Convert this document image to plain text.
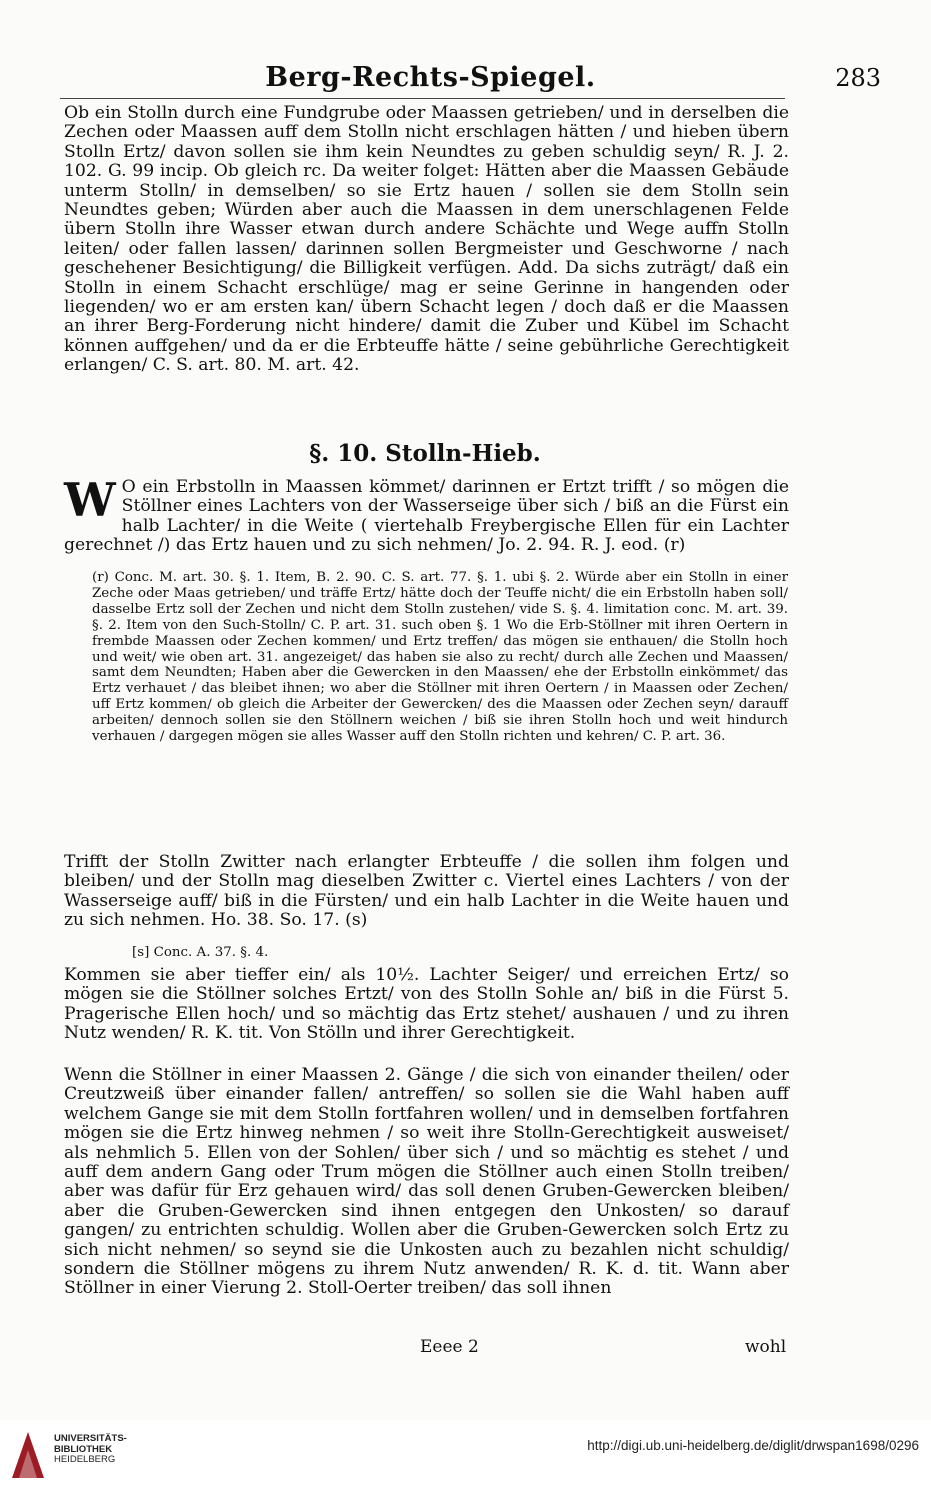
Berg-Rechts-Spiegel.	283
Ob ein Stolln durch eine Fundgrube oder Maassen getrieben/ und in derselben die Zechen oder Maassen auff dem Stolln nicht erschlagen hätten / und hieben übern Stolln Ertz/ davon sollen sie ihm kein Neundtes zu geben schuldig seyn/ R. J. 2. 102. G. 99 incip. Ob gleich rc. Da weiter folget: Hätten aber die Maassen Gebäude unterm Stolln/ in demselben/ so sie Ertz hauen / sollen sie dem Stolln sein Neundtes geben; Würden aber auch die Maassen in dem unerschlagenen Felde übern Stolln ihre Wasser etwan durch andere Schächte und Wege auffn Stolln leiten/ oder fallen lassen/ darinnen sollen Bergmeister und Geschworne / nach geschehener Besichtigung/ die Billigkeit verfügen. Add. Da sichs zuträgt/ daß ein Stolln in einem Schacht erschlüge/ mag er seine Gerinne in hangenden oder liegenden/ wo er am ersten kan/ übern Schacht legen / doch daß er die Maassen an ihrer Berg-Forderung nicht hindere/ damit die Zuber und Kübel im Schacht können auffgehen/ und da er die Erbteuffe hätte / seine gebührliche Gerechtigkeit erlangen/ C. S. art. 80. M. art. 42.
§. 10. Stolln-Hieb.
W O ein Erbstolln in Maassen kömmet/ darinnen er Ertzt trifft / so mögen die Stöllner eines Lachters von der Wasserseige über sich / biß an die Fürst ein halb Lachter/ in die Weite ( viertehalb Freybergische Ellen für ein Lachter gerechnet /) das Ertz hauen und zu sich nehmen/ Jo. 2. 94. R. J. eod. (r)
(r) Conc. M. art. 30. §. 1. Item, B. 2. 90. C. S. art. 77. §. 1. ubi §. 2. Würde aber ein Stolln in einer Zeche oder Maas getrieben/ und träffe Ertz/ hätte doch der Teuffe nicht/ die ein Erbstolln haben soll/ dasselbe Ertz soll der Zechen und nicht dem Stolln zustehen/ vide S. §. 4. limitation conc. M. art. 39. §. 2. Item von den Such-Stolln/ C. P. art. 31. such oben §. 1 Wo die Erb-Stöllner mit ihren Oertern in frembde Maassen oder Zechen kommen/ und Ertz treffen/ das mögen sie enthauen/ die Stolln hoch und weit/ wie oben art. 31. angezeiget/ das haben sie also zu recht/ durch alle Zechen und Maassen/ samt dem Neundten; Haben aber die Gewercken in den Maassen/ ehe der Erbstolln einkömmet/ das Ertz verhauet / das bleibet ihnen; wo aber die Stöllner mit ihren Oertern / in Maassen oder Zechen/ uff Ertz kommen/ ob gleich die Arbeiter der Gewercken/ des die Maassen oder Zechen seyn/ darauff arbeiten/ dennoch sollen sie den Stöllnern weichen / biß sie ihren Stolln hoch und weit hindurch verhauen / dargegen mögen sie alles Wasser auff den Stolln richten und kehren/ C. P. art. 36.
Trifft der Stolln Zwitter nach erlangter Erbteuffe / die sollen ihm folgen und bleiben/ und der Stolln mag dieselben Zwitter c. Viertel eines Lachters / von der Wasserseige auff/ biß in die Fürsten/ und ein halb Lachter in die Weite hauen und zu sich nehmen. Ho. 38. So. 17. (s)
[s] Conc. A. 37. §. 4.
Kommen sie aber tieffer ein/ als 10½. Lachter Seiger/ und erreichen Ertz/ so mögen sie die Stöllner solches Ertzt/ von des Stolln Sohle an/ biß in die Fürst 5. Pragerische Ellen hoch/ und so mächtig das Ertz stehet/ aushauen / und zu ihren Nutz wenden/ R. K. tit. Von Stölln und ihrer Gerechtigkeit.
Wenn die Stöllner in einer Maassen 2. Gänge / die sich von einander theilen/ oder Creutzweiß über einander fallen/ antreffen/ so sollen sie die Wahl haben auff welchem Gange sie mit dem Stolln fortfahren wollen/ und in demselben fortfahren mögen sie die Ertz hinweg nehmen / so weit ihre Stolln-Gerechtigkeit ausweiset/ als nehmlich 5. Ellen von der Sohlen/ über sich / und so mächtig es stehet / und auff dem andern Gang oder Trum mögen die Stöllner auch einen Stolln treiben/ aber was dafür für Erz gehauen wird/ das soll denen Gruben-Gewercken bleiben/ aber die Gruben-Gewercken sind ihnen entgegen den Unkosten/ so darauf gangen/ zu entrichten schuldig. Wollen aber die Gruben-Gewercken solch Ertz zu sich nicht nehmen/ so seynd sie die Unkosten auch zu bezahlen nicht schuldig/ sondern die Stöllner mögens zu ihrem Nutz anwenden/ R. K. d. tit. Wann aber Stöllner in einer Vierung 2. Stoll-Oerter treiben/ das soll ihnen
Eeee 2	wohl
UNIVERSITÄTS-
BIBLIOTHEK
HEIDELBERG
http://digi.ub.uni-heidelberg.de/diglit/drwspan1698/0296
